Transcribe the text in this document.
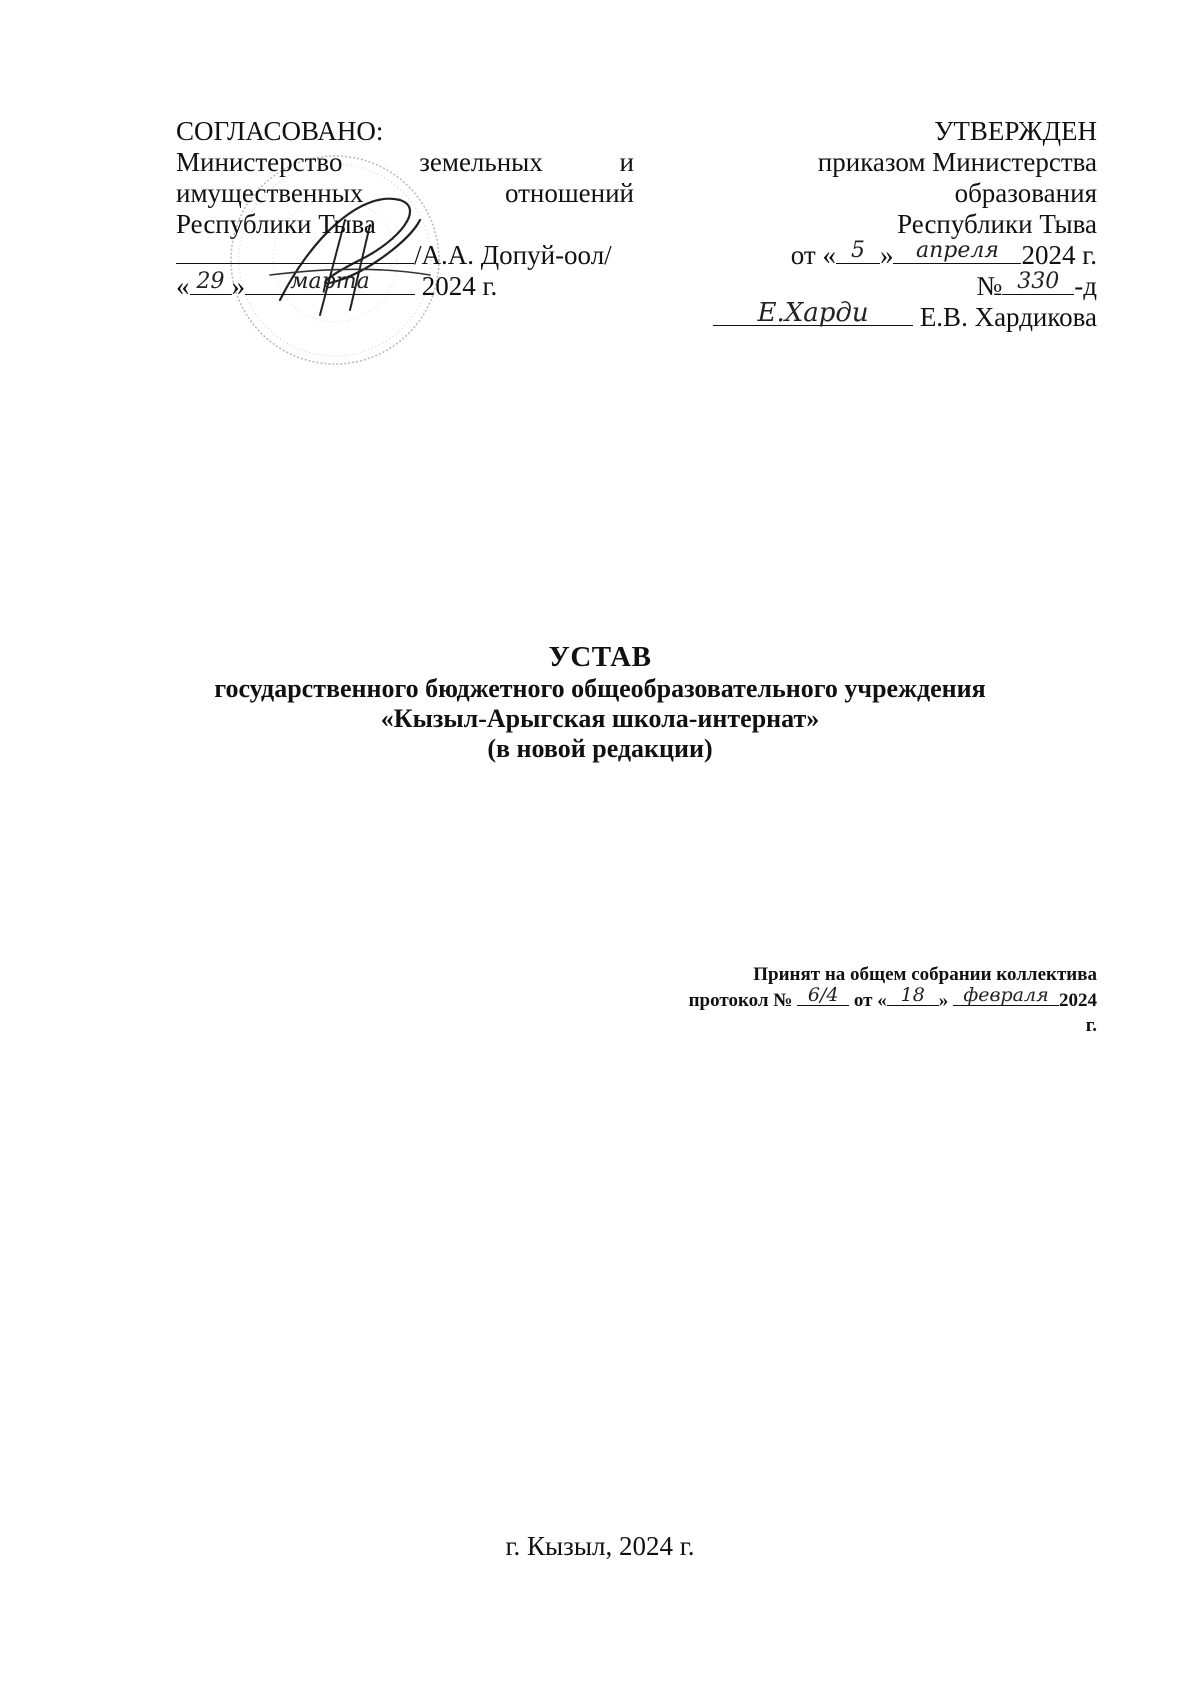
СОГЛАСОВАНО:
Министерство	земельных	и
имущественных	отношений
Республики Тыва
/А.А. Допуй-оол/
« 29 »	марта	2024 г.
УТВЕРЖДЕН
приказом Министерства
образования
Республики Тыва
от « 5 »	апреля 2024 г.
№ 330 -д
Е.Харди	Е.В. Хардикова
УСТАВ
государственного бюджетного общеобразовательного учреждения
«Кызыл-Арыгская школа-интернат»
(в новой редакции)
Принят на общем собрании коллектива
протокол № 6/4 от « 18 » февраля 2024
г.
г. Кызыл, 2024 г.
